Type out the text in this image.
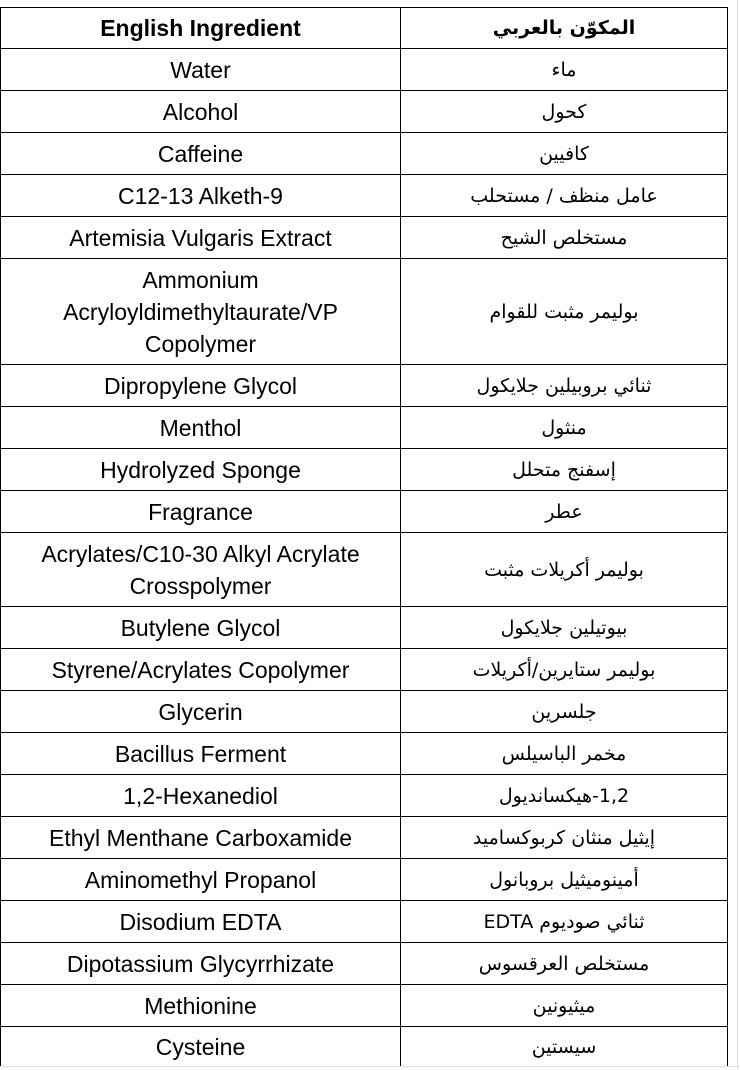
English Ingredient	المكوّن بالعربي
Water	ماء
Alcohol	كحول
Caffeine	كافيين
C12-13 Alketh-9	عامل منظف / مستحلب
Artemisia Vulgaris Extract	مستخلص الشيح
Ammonium Acryloyldimethyltaurate/VP Copolymer	بوليمر مثبت للقوام
Dipropylene Glycol	ثنائي بروبيلين جلايكول
Menthol	منثول
Hydrolyzed Sponge	إسفنج متحلل
Fragrance	عطر
Acrylates/C10-30 Alkyl Acrylate Crosspolymer	بوليمر أكريلات مثبت
Butylene Glycol	بيوتيلين جلايكول
Styrene/Acrylates Copolymer	بوليمر ستايرين/أكريلات
Glycerin	جلسرين
Bacillus Ferment	مخمر الباسيلس
1,2-Hexanediol	1,2-هيكسانديول
Ethyl Menthane Carboxamide	إيثيل منثان كربوكساميد
Aminomethyl Propanol	أمينوميثيل بروبانول
Disodium EDTA	ثنائي صوديوم EDTA
Dipotassium Glycyrrhizate	مستخلص العرقسوس
Methionine	ميثيونين
Cysteine	سيستين
